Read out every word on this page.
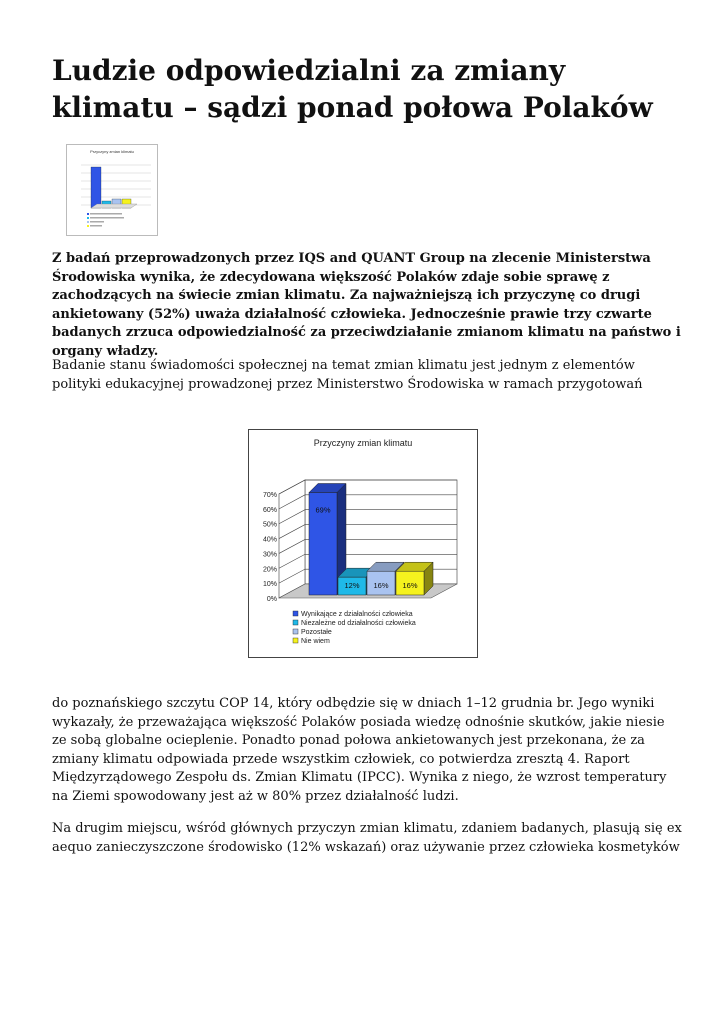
Ludzie odpowiedzialni za zmiany klimatu – sądzi ponad połowa Polaków
Przyczyny zmian klimatu

Z badań przeprowadzonych przez IQS and QUANT Group na zlecenie Ministerstwa Środowiska wynika, że zdecydowana większość Polaków zdaje sobie sprawę z zachodzących na świecie zmian klimatu. Za najważniejszą ich przyczynę co drugi ankietowany (52%) uważa działalność człowieka. Jednocześnie prawie trzy czwarte badanych zrzuca odpowiedzialność za przeciwdziałanie zmianom klimatu na państwo i organy władzy.

Badanie stanu świadomości społecznej na temat zmian klimatu jest jednym z elementów polityki edukacyjnej prowadzonej przez Ministerstwo Środowiska w ramach przygotowań

Przyczyny zmian klimatu
0%
10%
20%
30%
40%
50%
60%
70%
69%
12% 16% 16%
Wynikające z działalności człowieka
Niezależne od działalności człowieka
Pozostałe
Nie wiem

do poznańskiego szczytu COP 14, który odbędzie się w dniach 1–12 grudnia br. Jego wyniki wykazały, że przeważająca większość Polaków posiada wiedzę odnośnie skutków, jakie niesie ze sobą globalne ocieplenie. Ponadto ponad połowa ankietowanych jest przekonana, że za zmiany klimatu odpowiada przede wszystkim człowiek, co potwierdza zresztą 4. Raport Międzyrządowego Zespołu ds. Zmian Klimatu (IPCC). Wynika z niego, że wzrost temperatury na Ziemi spowodowany jest aż w 80% przez działalność ludzi.

Na drugim miejscu, wśród głównych przyczyn zmian klimatu, zdaniem badanych, plasują się ex aequo zanieczyszczone środowisko (12% wskazań) oraz używanie przez człowieka kosmetyków
